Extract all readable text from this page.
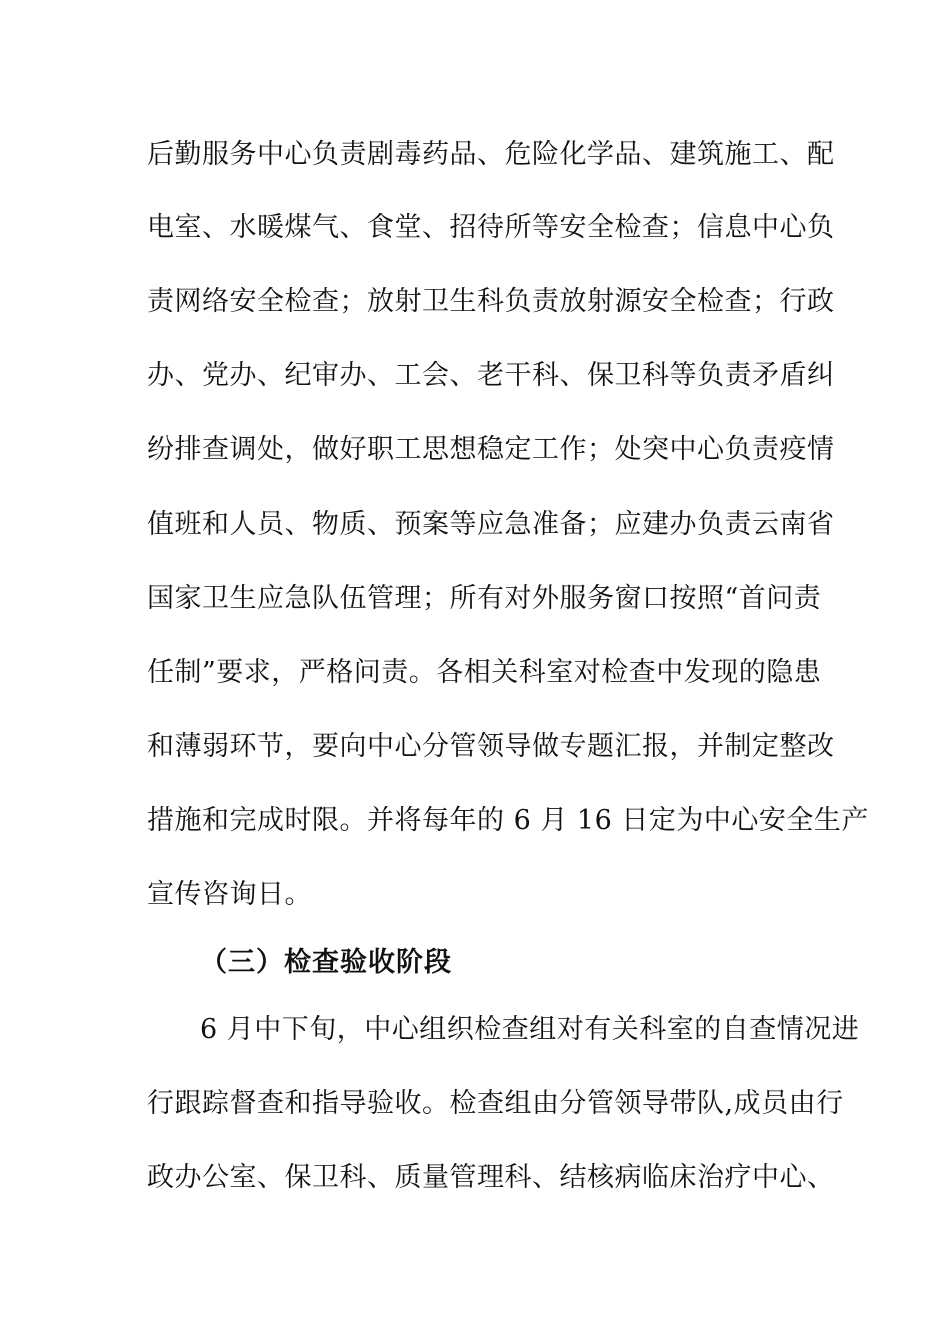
后勤服务中心负责剧毒药品、危险化学品、建筑施工、配
电室、水暖煤气、食堂、招待所等安全检查；信息中心负
责网络安全检查；放射卫生科负责放射源安全检查；行政
办、党办、纪审办、工会、老干科、保卫科等负责矛盾纠
纷排查调处，做好职工思想稳定工作；处突中心负责疫情
值班和人员、物质、预案等应急准备；应建办负责云南省
国家卫生应急队伍管理；所有对外服务窗口按照“首问责
任制”要求，严格问责。各相关科室对检查中发现的隐患
和薄弱环节，要向中心分管领导做专题汇报，并制定整改
措施和完成时限。并将每年的 6 月 16 日定为中心安全生产
宣传咨询日。
（三）检查验收阶段
6 月中下旬，中心组织检查组对有关科室的自查情况进
行跟踪督查和指导验收。检查组由分管领导带队,成员由行
政办公室、保卫科、质量管理科、结核病临床治疗中心、
